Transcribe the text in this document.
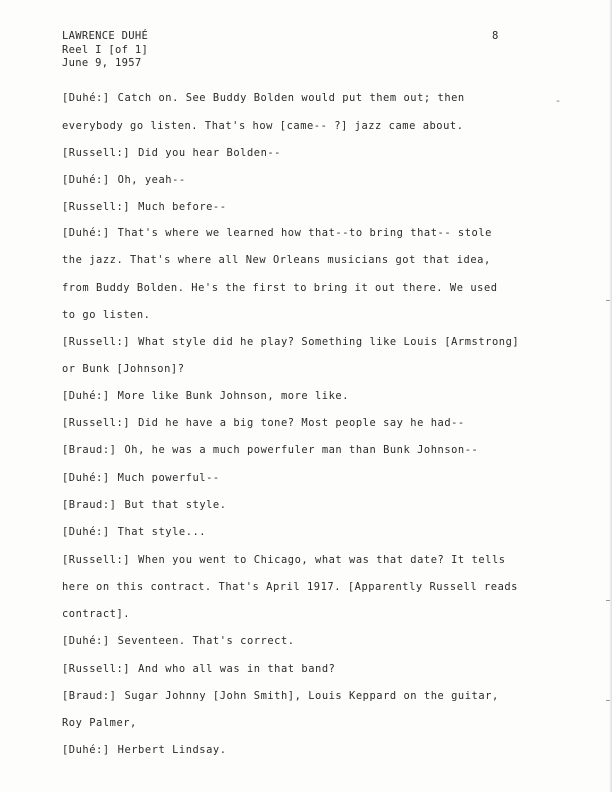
LAWRENCE DUHÉ
Reel I [of 1]
June 9, 1957
8
[Duhé:] Catch on. See Buddy Bolden would put them out; then
everybody go listen. That's how [came-- ?] jazz came about.
[Russell:] Did you hear Bolden--
[Duhé:] Oh, yeah--
[Russell:] Much before--
[Duhé:] That's where we learned how that--to bring that-- stole
the jazz. That's where all New Orleans musicians got that idea,
from Buddy Bolden. He's the first to bring it out there. We used
to go listen.
[Russell:] What style did he play? Something like Louis [Armstrong]
or Bunk [Johnson]?
[Duhé:] More like Bunk Johnson, more like.
[Russell:] Did he have a big tone? Most people say he had--
[Braud:] Oh, he was a much powerfuler man than Bunk Johnson--
[Duhé:] Much powerful--
[Braud:] But that style.
[Duhé:] That style...
[Russell:] When you went to Chicago, what was that date? It tells
here on this contract. That's April 1917. [Apparently Russell reads
contract].
[Duhé:] Seventeen. That's correct.
[Russell:] And who all was in that band?
[Braud:] Sugar Johnny [John Smith], Louis Keppard on the guitar,
Roy Palmer,
[Duhé:] Herbert Lindsay.
-
